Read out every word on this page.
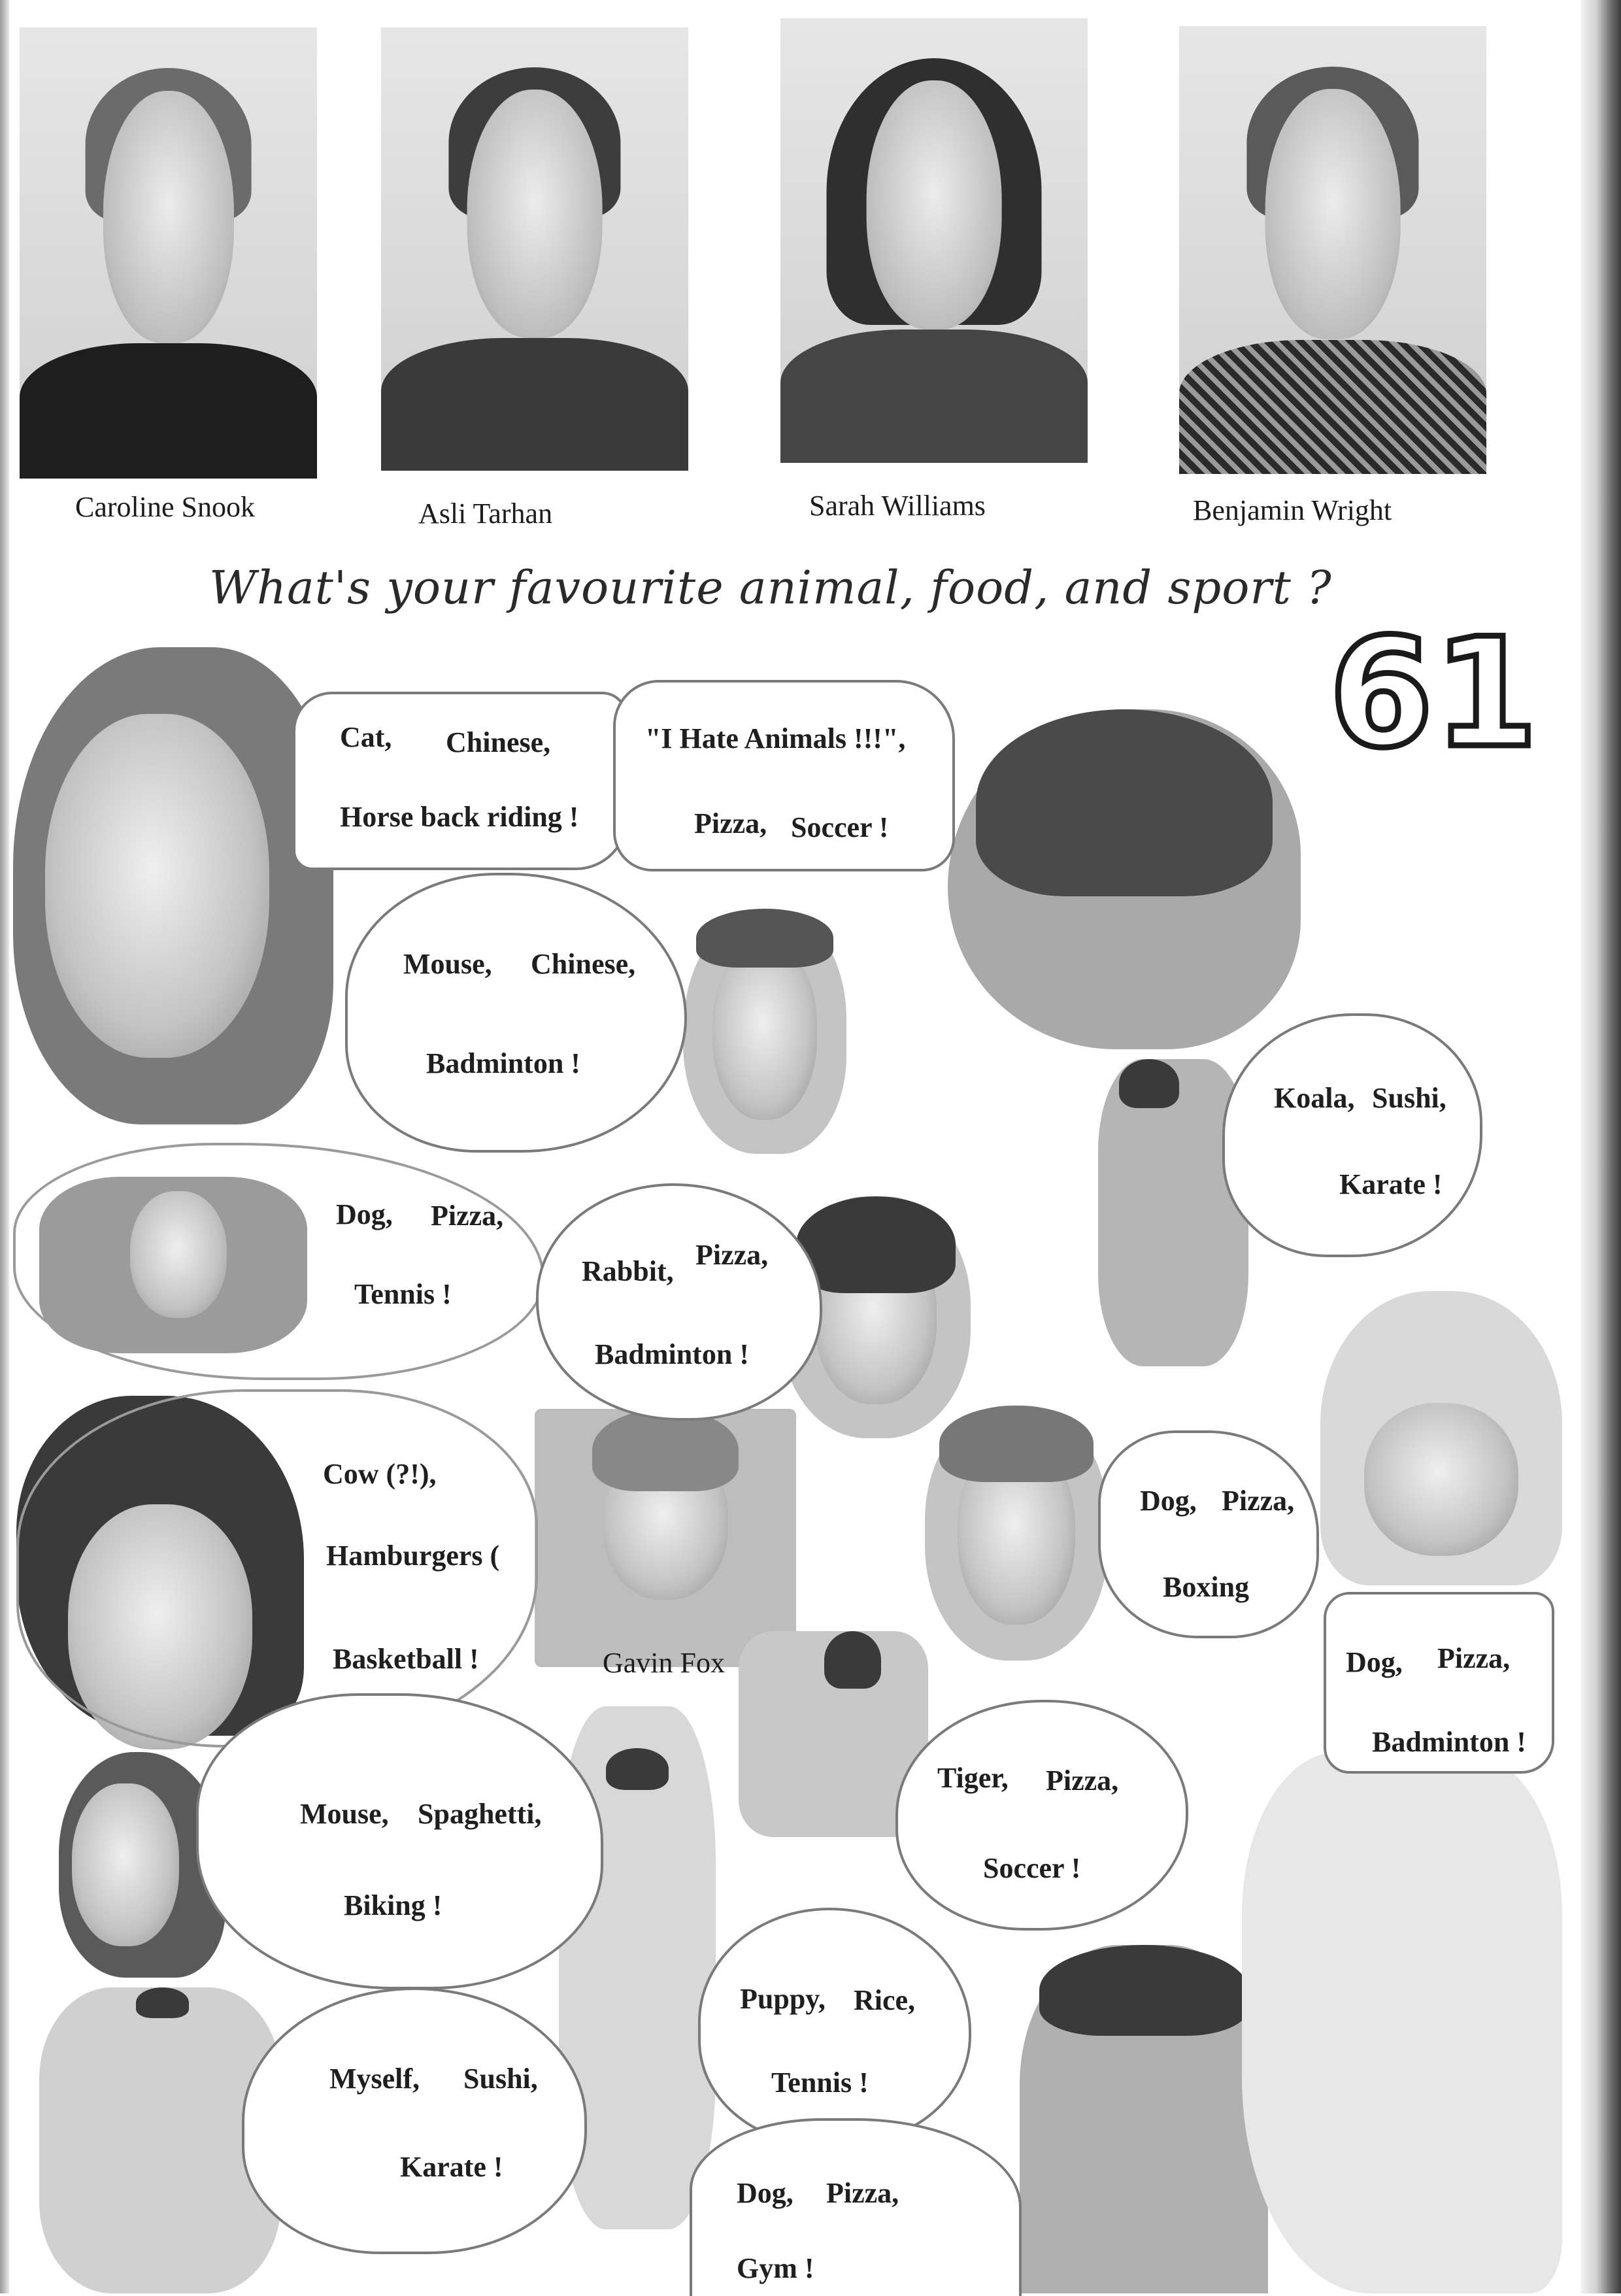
Caroline Snook	Asli Tarhan	Sarah Williams	Benjamin Wright
What's your favourite animal, food, and sport ?
61
Gavin Fox
Cat, Chinese,
Horse back riding !
"I Hate Animals !!!",
Pizza, Soccer !
Mouse, Chinese,
Badminton !
Koala, Sushi,
Karate !
Dog, Pizza,
Tennis !
Rabbit,
Pizza,
Badminton !
Cow (?!),
Hamburgers (
Basketball !
Dog, Pizza,
Boxing
Dog, Pizza,
Badminton !
Tiger, Pizza,
Soccer !
Mouse, Spaghetti,
Biking !
Puppy, Rice,
Tennis !
Myself, Sushi,
Karate !
Dog, Pizza,
Gym !
